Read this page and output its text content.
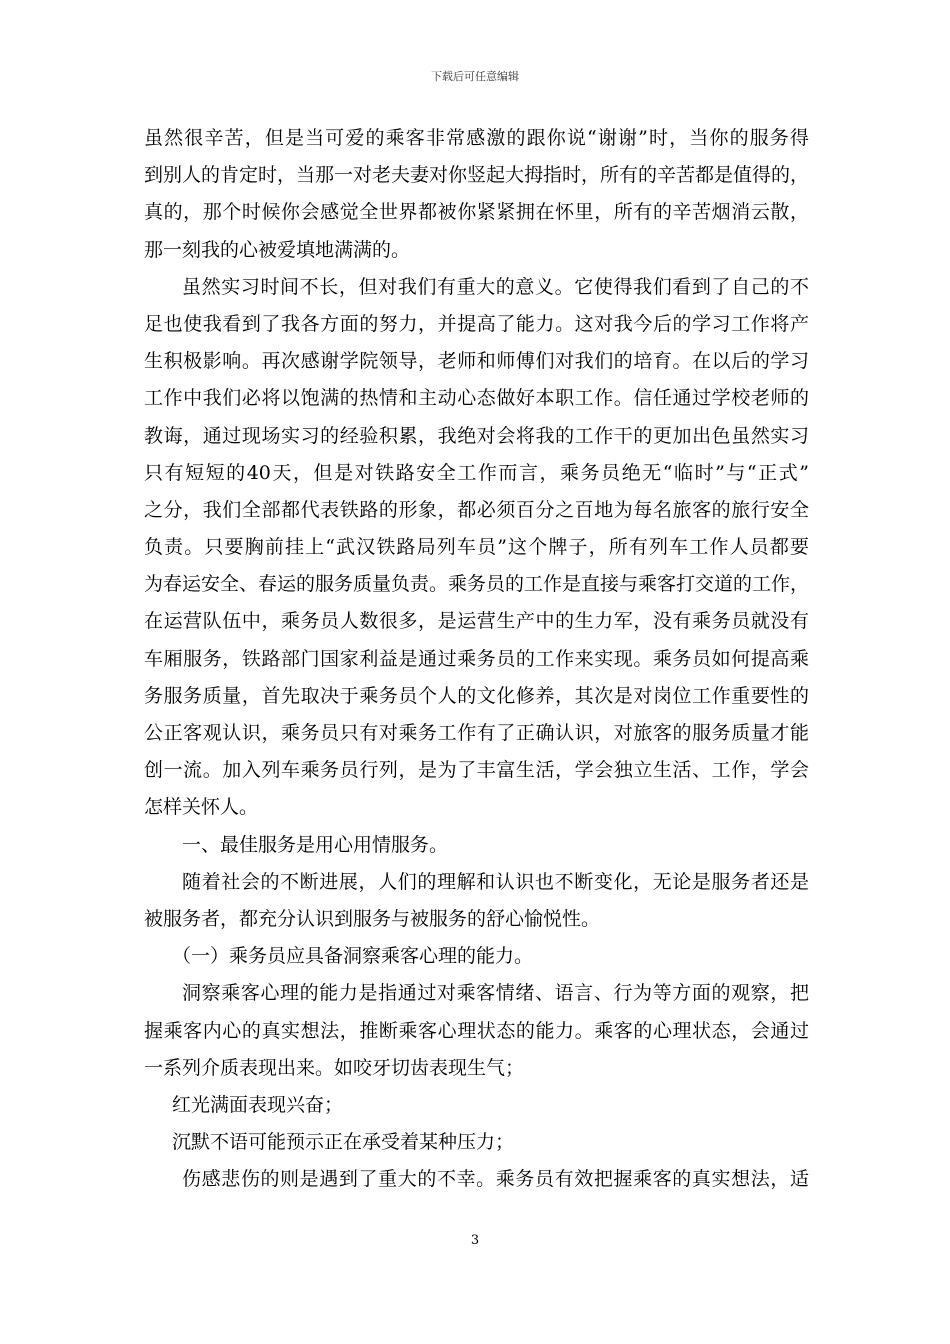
下载后可任意编辑
虽然很辛苦，但是当可爱的乘客非常感激的跟你说“谢谢”时，当你的服务得
到别人的肯定时，当那一对老夫妻对你竖起大拇指时，所有的辛苦都是值得的，
真的，那个时候你会感觉全世界都被你紧紧拥在怀里，所有的辛苦烟消云散，
那一刻我的心被爱填地满满的。
虽然实习时间不长，但对我们有重大的意义。它使得我们看到了自己的不
足也使我看到了我各方面的努力，并提高了能力。这对我今后的学习工作将产
生积极影响。再次感谢学院领导，老师和师傅们对我们的培育。在以后的学习
工作中我们必将以饱满的热情和主动心态做好本职工作。信任通过学校老师的
教诲，通过现场实习的经验积累，我绝对会将我的工作干的更加出色虽然实习
只有短短的40天，但是对铁路安全工作而言，乘务员绝无“临时”与“正式”
之分，我们全部都代表铁路的形象，都必须百分之百地为每名旅客的旅行安全
负责。只要胸前挂上“武汉铁路局列车员”这个牌子，所有列车工作人员都要
为春运安全、春运的服务质量负责。乘务员的工作是直接与乘客打交道的工作，
在运营队伍中，乘务员人数很多，是运营生产中的生力军，没有乘务员就没有
车厢服务，铁路部门国家利益是通过乘务员的工作来实现。乘务员如何提高乘
务服务质量，首先取决于乘务员个人的文化修养，其次是对岗位工作重要性的
公正客观认识，乘务员只有对乘务工作有了正确认识，对旅客的服务质量才能
创一流。加入列车乘务员行列，是为了丰富生活，学会独立生活、工作，学会
怎样关怀人。
一、最佳服务是用心用情服务。
随着社会的不断进展，人们的理解和认识也不断变化，无论是服务者还是
被服务者，都充分认识到服务与被服务的舒心愉悦性。
（一）乘务员应具备洞察乘客心理的能力。
洞察乘客心理的能力是指通过对乘客情绪、语言、行为等方面的观察，把
握乘客内心的真实想法，推断乘客心理状态的能力。乘客的心理状态，会通过
一系列介质表现出来。如咬牙切齿表现生气；
红光满面表现兴奋；
沉默不语可能预示正在承受着某种压力；
伤感悲伤的则是遇到了重大的不幸。乘务员有效把握乘客的真实想法，适
3
